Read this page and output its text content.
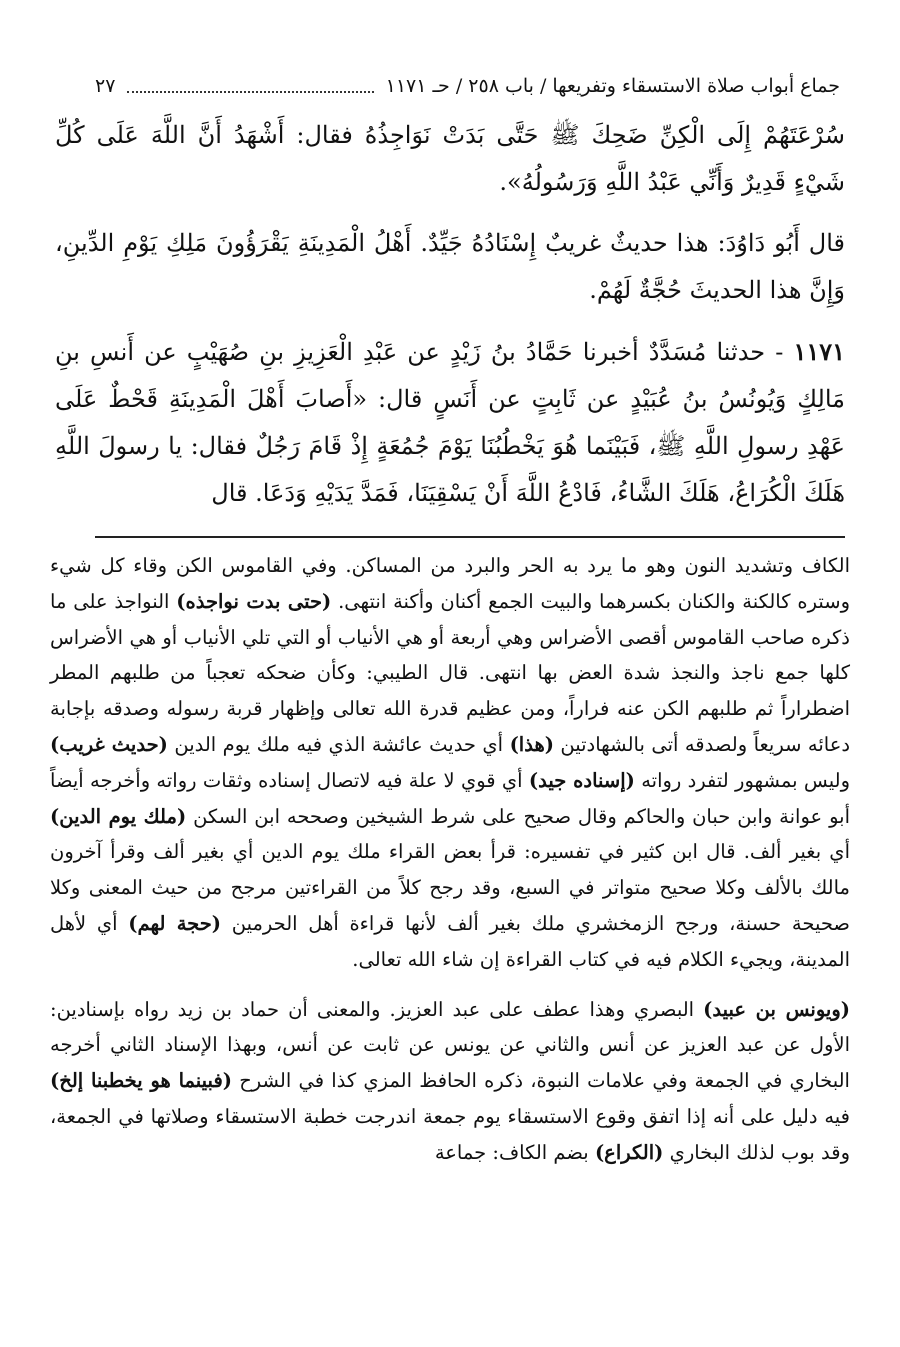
جماع أبواب صلاة الاستسقاء وتفريعها / باب ٢٥٨ / حـ ١١٧١
٢٧

سُرْعَتَهُمْ إِلَى الْكِنِّ ضَحِكَ ﷺ حَتَّى بَدَتْ نَوَاجِذُهُ فقال: أَشْهَدُ أَنَّ اللَّهَ عَلَى كُلِّ شَيْءٍ قَدِيرٌ وَأَنِّي عَبْدُ اللَّهِ وَرَسُولُهُ».

قال أَبُو دَاوُدَ: هذا حديثٌ غريبٌ إِسْنَادُهُ جَيِّدٌ. أَهْلُ الْمَدِينَةِ يَقْرَؤُونَ مَلِكِ يَوْمِ الدِّينِ، وَإِنَّ هذا الحديثَ حُجَّةٌ لَهُمْ.

١١٧١ - حدثنا مُسَدَّدٌ أخبرنا حَمَّادُ بنُ زَيْدٍ عن عَبْدِ الْعَزِيزِ بنِ صُهَيْبٍ عن أَنسِ بنِ مَالِكٍ وَيُونُسُ بنُ عُبَيْدٍ عن ثَابِتٍ عن أَنَسٍ قال: «أَصابَ أَهْلَ الْمَدِينَةِ قَحْطٌ عَلَى عَهْدِ رسولِ اللَّهِ ﷺ، فَبَيْنَما هُوَ يَخْطُبُنَا يَوْمَ جُمُعَةٍ إِذْ قَامَ رَجُلٌ فقال: يا رسولَ اللَّهِ هَلَكَ الْكُرَاعُ، هَلَكَ الشَّاءُ، فَادْعُ اللَّهَ أَنْ يَسْقِيَنَا، فَمَدَّ يَدَيْهِ وَدَعَا. قال

الكاف وتشديد النون وهو ما يرد به الحر والبرد من المساكن. وفي القاموس الكن وقاء كل شيء وستره كالكنة والكنان بكسرهما والبيت الجمع أكنان وأكنة انتهى. (حتى بدت نواجذه) النواجذ على ما ذكره صاحب القاموس أقصى الأضراس وهي أربعة أو هي الأنياب أو التي تلي الأنياب أو هي الأضراس كلها جمع ناجذ والنجذ شدة العض بها انتهى. قال الطيبي: وكأن ضحكه تعجباً من طلبهم المطر اضطراراً ثم طلبهم الكن عنه فراراً، ومن عظيم قدرة الله تعالى وإظهار قربة رسوله وصدقه بإجابة دعائه سريعاً ولصدقه أتى بالشهادتين (هذا) أي حديث عائشة الذي فيه ملك يوم الدين (حديث غريب) وليس بمشهور لتفرد رواته (إسناده جيد) أي قوي لا علة فيه لاتصال إسناده وثقات رواته وأخرجه أيضاً أبو عوانة وابن حبان والحاكم وقال صحيح على شرط الشيخين وصححه ابن السكن (ملك يوم الدين) أي بغير ألف. قال ابن كثير في تفسيره: قرأ بعض القراء ملك يوم الدين أي بغير ألف وقرأ آخرون مالك بالألف وكلا صحيح متواتر في السبع، وقد رجح كلاً من القراءتين مرجح من حيث المعنى وكلا صحيحة حسنة، ورجح الزمخشري ملك بغير ألف لأنها قراءة أهل الحرمين (حجة لهم) أي لأهل المدينة، ويجيء الكلام فيه في كتاب القراءة إن شاء الله تعالى.

(ويونس بن عبيد) البصري وهذا عطف على عبد العزيز. والمعنى أن حماد بن زيد رواه بإسنادين: الأول عن عبد العزيز عن أنس والثاني عن يونس عن ثابت عن أنس، وبهذا الإسناد الثاني أخرجه البخاري في الجمعة وفي علامات النبوة، ذكره الحافظ المزي كذا في الشرح (فبينما هو يخطبنا إلخ) فيه دليل على أنه إذا اتفق وقوع الاستسقاء يوم جمعة اندرجت خطبة الاستسقاء وصلاتها في الجمعة، وقد بوب لذلك البخاري (الكراع) بضم الكاف: جماعة
